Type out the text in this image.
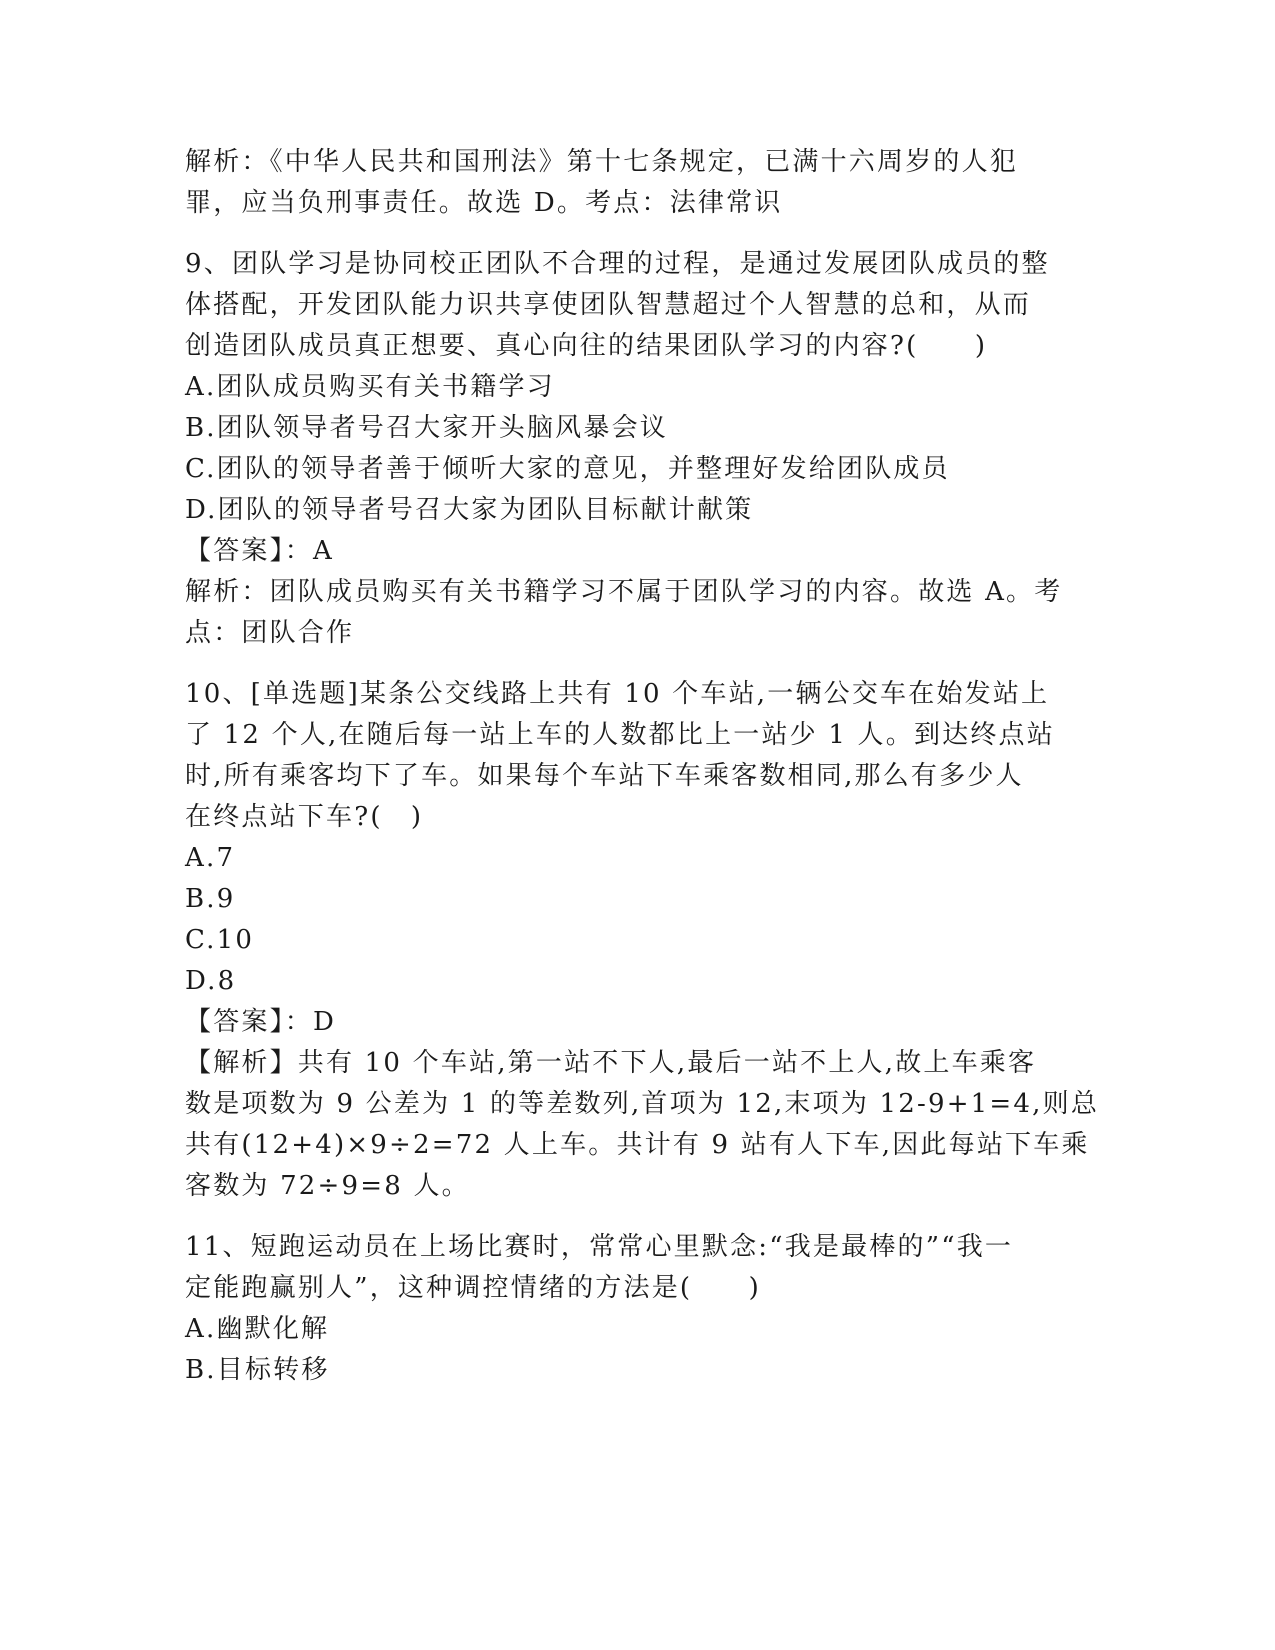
解析：《中华人民共和国刑法》第十七条规定，已满十六周岁的人犯
罪，应当负刑事责任。故选 D。考点：法律常识
9、团队学习是协同校正团队不合理的过程，是通过发展团队成员的整
体搭配，开发团队能力识共享使团队智慧超过个人智慧的总和，从而
创造团队成员真正想要、真心向往的结果团队学习的内容?(　　)
A.团队成员购买有关书籍学习
B.团队领导者号召大家开头脑风暴会议
C.团队的领导者善于倾听大家的意见，并整理好发给团队成员
D.团队的领导者号召大家为团队目标献计献策
【答案】：A
解析：团队成员购买有关书籍学习不属于团队学习的内容。故选 A。考
点：团队合作
10、[单选题]某条公交线路上共有 10 个车站,一辆公交车在始发站上
了 12 个人,在随后每一站上车的人数都比上一站少 1 人。到达终点站
时,所有乘客均下了车。如果每个车站下车乘客数相同,那么有多少人
在终点站下车?(　)
A.7
B.9
C.10
D.8
【答案】：D
【解析】共有 10 个车站,第一站不下人,最后一站不上人,故上车乘客
数是项数为 9 公差为 1 的等差数列,首项为 12,末项为 12-9+1=4,则总
共有(12+4)×9÷2=72 人上车。共计有 9 站有人下车,因此每站下车乘
客数为 72÷9=8 人。
11、短跑运动员在上场比赛时，常常心里默念:“我是最棒的”“我一
定能跑赢别人”，这种调控情绪的方法是(　　)
A.幽默化解
B.目标转移
